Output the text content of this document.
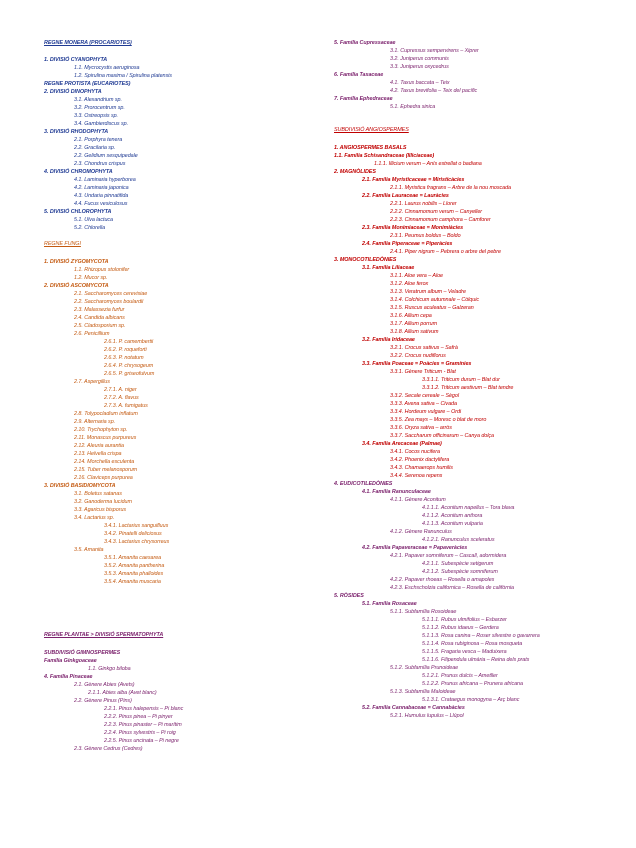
REGNE MONERA (PROCARIOTES)
1. DIVISIÓ CYANOPHYTA
1.1. Mycrocystis aeruginosa
1.2. Spirulina maxima / Spirulina platensis
REGNE PROTISTA (EUCARIOTES)
2. DIVISIÓ DINOPHYTA
3.1. Alexandrium sp.
3.2. Prorocentrum sp.
3.3. Ostreopsis sp.
3.4. Gambierdiscus sp.
3. DIVISIÓ RHODOPHYTA
2.1. Porphyra tenera
2.2. Gracilaria sp.
2.2. Gelidium sesquipedale
2.3. Chondrus crispus
4. DIVISIÓ CHROMOPHYTA
4.1. Laminaria hyperborea
4.2. Laminaria japonica
4.3. Undaria pinnatifida
4.4. Fucus vesiculosus
5. DIVISIÓ CHLOROPHYTA
5.1. Ulva lactuca
5.2. Chlorella
REGNE FUNGI
1. DIVISIÓ ZYGOMYCOTA
1.1. Rhizopus stolonifer
1.2. Mucor sp.
2. DIVISIÓ ASCOMYCOTA
2.1. Saccharomyces cerevisiae
2.2. Saccharomyces boulardii
2.3. Malassezia furfur
2.4. Candida albicans
2.5. Cladosporium sp.
2.6. Penicillium
2.6.1. P. camembertii
2.6.2. P. roqueforti
2.6.3. P. notatum
2.6.4. P. chrysogeum
2.6.5. P. griseofulvum
2.7. Aspergillus
2.7.1. A. niger
2.7.2. A. flavus
2.7.3. A. fumigatus
2.8. Tolypocladium inflatum
2.9. Alternaria sp.
2.10. Trychophyton sp.
2.11. Monascus purpureus
2.12. Aleuria aurantia
2.13. Helvella crispa
2.14. Morchella esculenta
2.15. Tuber melanosporum
2.16. Claviceps purpurea
3. DIVISIÓ BASIDIOMYCOTA
3.1. Boletus satanas
3.2. Ganoderma lucidum
3.3. Agaricus bisporus
3.4. Lactarius sp.
3.4.1. Lactarius sanguifluus
3.4.2. Pinatelli deliciosus
3.4.3. Lactarius chrysorreus
3.5. Amanita
3.5.1. Amanita caesarea
3.5.2. Amanita pantherina
3.5.3. Amanita phalloides
3.5.4. Amanita muscaria
REGNE PLANTAE > DIVISIÓ SPERMATOPHYTA
SUBDIVISIÓ GIMNOSPERMES
Família Ginkgoaceae
1.1. Ginkgo biloba
4. Família Pinaceae
2.1. Gènere Abies (Avets)
2.1.1. Abies alba (Avet blanc)
2.2. Gènere Pinus (Pins)
2.2.1. Pinus halepensis – Pi blanc
2.2.2. Pinus pinea – Pi pinyer
2.2.3. Pinus pinaster – Pi marítim
2.2.4. Pinus sylvestris – Pi roig
2.2.5. Pinus uncinata – Pi negre
2.3. Gènere Cedrus (Cedres)
5. Família Cupressaceae
3.1. Cupressus sempervirens – Xiprer
3.2. Juniperus communis
3.3. Juniperus oxycedrus
6. Família Taxaceae
4.1. Taxus baccata – Teix
4.2. Taxus brevifolia – Teix del pacífic
7. Família Ephedraceae
5.1. Ephedra sinica
SUBDIVISIÓ ANGIOSPERMES
1. ANGIOSPERMES BASALS
1.1. Família Schisandraceae (Illiciaceae)
1.1.1. Illicium verum – Anís estrellat o badiana
2. MAGNÒLIDES
2.1. Família Myristicaceae = Miristicàcies
2.1.1. Myristica fragrans – Arbre de la nou moscada
2.2. Família Lauraceae = Lauràcies
2.2.1. Laurus nobilis – Llorer
2.2.2. Cinnamomum verum – Canyeller
2.2.3. Cinnamomum camphora – Camforer
2.3. Família Monimiaceae = Monimiàcies
2.3.1. Peumus boldus – Boldo
2.4. Família Piperaceae = Piperàcies
2.4.1. Piper nigrum – Pebrera o arbre del pebre
3. MONOCOTILEDÒNIES
3.1. Família Liliaceae
3.1.1. Aloe vera – Aloe
3.1.2. Aloe ferox
3.1.3. Veratrum album – Veladre
3.1.4. Colchicum autumnale – Còlquic
3.1.5. Ruscus aculeatus – Galzeran
3.1.6. Allium cepa
3.1.7. Allium porrum
3.1.8. Allium sativum
3.2. Família Iridaceae
3.2.1. Crocus sativus – Safrà
3.2.2. Crocus nudiflorus
3.3. Família Poaceae = Poàcies = Gramínies
3.3.1. Gènere Triticum - Blat
3.3.1.1. Triticum durum – Blat dur
3.3.1.2. Triticum aestivum – Blat tendre
3.3.2. Secale cereale – Sègol
3.3.3. Avena sativa – Civada
3.3.4. Hordeum vulgare – Ordi
3.3.5. Zea mays – Moresc o blat de moro
3.3.6. Oryza sativa – arròs
3.3.7. Saccharum officinarum – Canya dolça
3.4. Família Arecaceae (Palmae)
3.4.1. Cocos nucifera
3.4.2. Phoenix dactylifera
3.4.3. Chamaerops humilis
3.4.4. Serenoa repens
4. EUDICOTILEDÒNIES
4.1. Família Ranunculaceae
4.1.1. Gènere Aconitum
4.1.1.1. Aconitum napellus – Tora blava
4.1.1.2. Aconitum anthora
4.1.1.3. Aconitum vulparia
4.1.2. Gènere Ranunculus
4.1.2.1. Ranunculus sceleratus
4.2. Família Papaveraceae = Papaveràcies
4.2.1. Papaver somniferum – Cascall, adormidera
4.2.1.1. Subespècie setigerum
4.2.1.2. Subespècie somniferum
4.2.2. Papaver rhoeas – Rosella o amapoles
4.2.3. Eschscholzia californica – Rosella de califòrnia
5. RÒSIDES
5.1. Família Rosaceae
5.1.1. Subfamília Rosoideae
5.1.1.1. Rubus ulmifolius – Esbarzer
5.1.1.2. Rubus idaeus – Gerdera
5.1.1.3. Rosa canina – Roser silvestre o gavarrera
5.1.1.4. Rosa rubiginosa – Rosa mosqueta
5.1.1.5. Fragaria vesca – Maduixera
5.1.1.6. Filipendula ulmària – Reina dels prats
5.1.2. Subfamília Prunoideae
5.1.2.1. Prunus dulcis – Ametller
5.1.2.2. Prunus africana – Prunera africana
5.1.3. Subfamília Maloideae
5.1.3.1. Crataegus monogyna – Arç blanc
5.2. Família Cannabaceae = Cannabàcies
5.2.1. Humulus lupulus – Llúpol
